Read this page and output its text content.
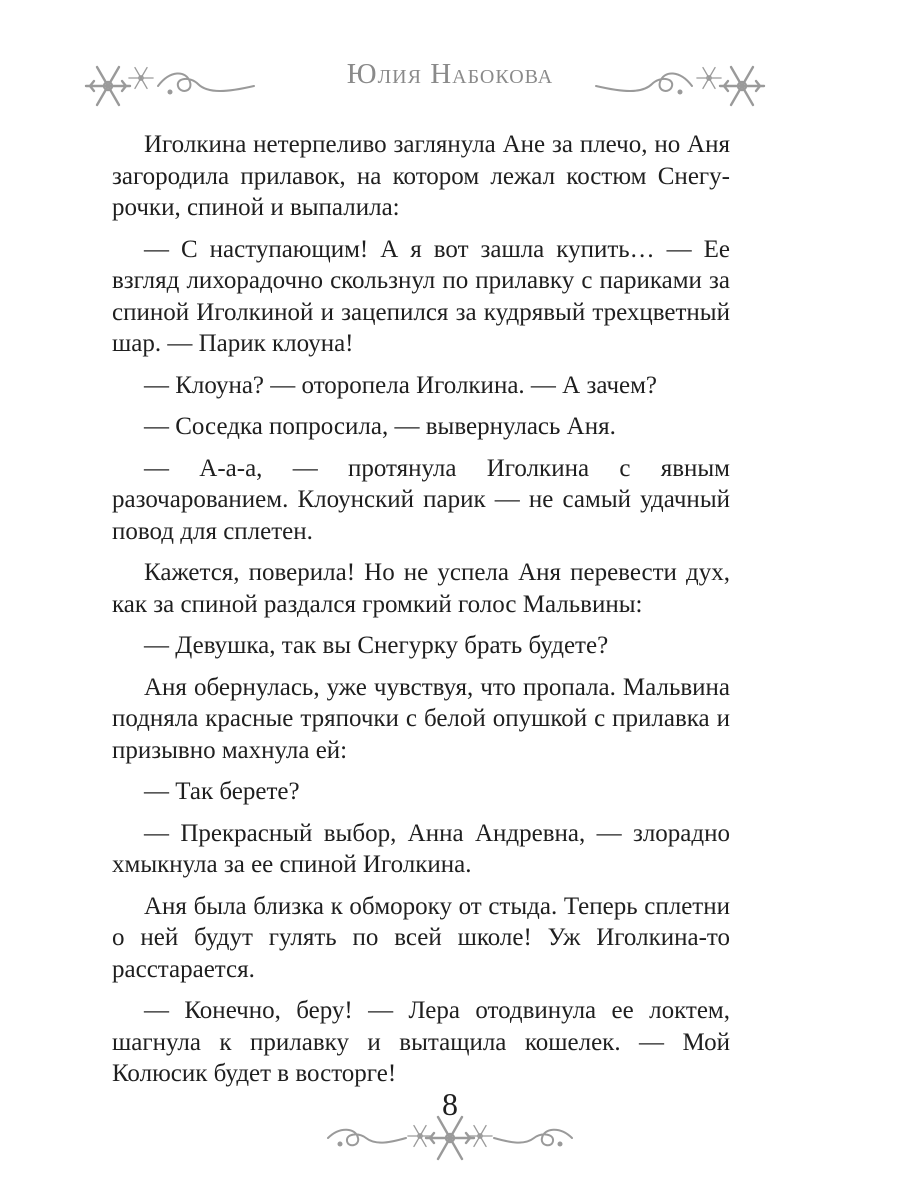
Юлия Набокова

Иголкина нетерпеливо заглянула Ане за плечо, но Аня загородила прилавок, на котором лежал костюм Снегурочки, спиной и выпалила:

— С наступающим! А я вот зашла купить… — Ее взгляд лихорадочно скользнул по прилавку с париками за спиной Иголкиной и зацепился за кудрявый трехцветный шар. — Парик клоуна!

— Клоуна? — оторопела Иголкина. — А зачем?

— Соседка попросила, — вывернулась Аня.

— А-а-а, — протянула Иголкина с явным разочарованием. Клоунский парик — не самый удачный повод для сплетен.

Кажется, поверила! Но не успела Аня перевести дух, как за спиной раздался громкий голос Мальвины:

— Девушка, так вы Снегурку брать будете?

Аня обернулась, уже чувствуя, что пропала. Мальвина подняла красные тряпочки с белой опушкой с прилавка и призывно махнула ей:

— Так берете?

— Прекрасный выбор, Анна Андревна, — злорадно хмыкнула за ее спиной Иголкина.

Аня была близка к обмороку от стыда. Теперь сплетни о ней будут гулять по всей школе! Уж Иголкина-то расстарается.

— Конечно, беру! — Лера отодвинула ее локтем, шагнула к прилавку и вытащила кошелек. — Мой Колюсик будет в восторге!

8
